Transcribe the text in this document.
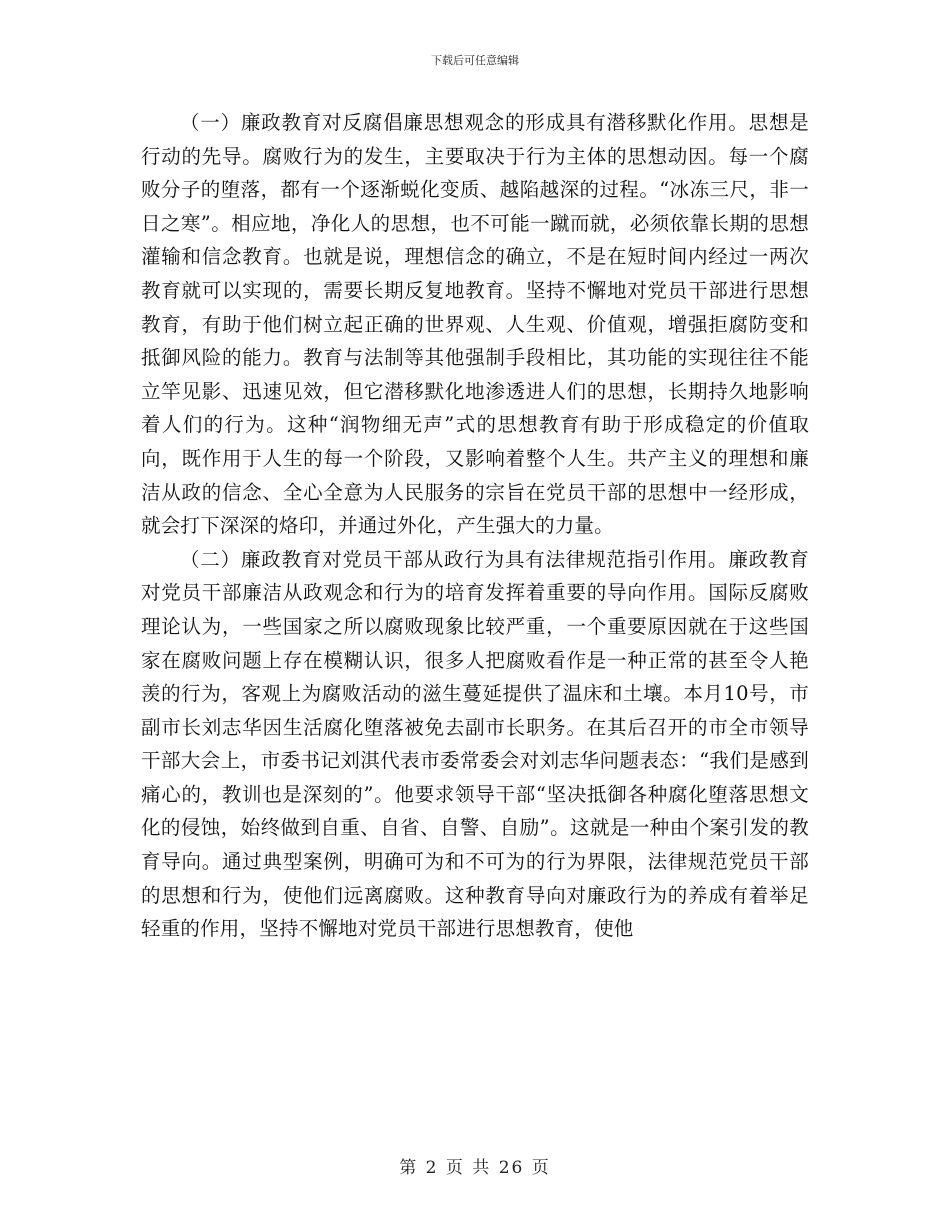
下载后可任意编辑

（一）廉政教育对反腐倡廉思想观念的形成具有潜移默化作用。思想是行动的先导。腐败行为的发生，主要取决于行为主体的思想动因。每一个腐败分子的堕落，都有一个逐渐蜕化变质、越陷越深的过程。“冰冻三尺，非一日之寒”。相应地，净化人的思想，也不可能一蹴而就，必须依靠长期的思想灌输和信念教育。也就是说，理想信念的确立，不是在短时间内经过一两次教育就可以实现的，需要长期反复地教育。坚持不懈地对党员干部进行思想教育，有助于他们树立起正确的世界观、人生观、价值观，增强拒腐防变和抵御风险的能力。教育与法制等其他强制手段相比，其功能的实现往往不能立竿见影、迅速见效，但它潜移默化地渗透进人们的思想，长期持久地影响着人们的行为。这种“润物细无声”式的思想教育有助于形成稳定的价值取向，既作用于人生的每一个阶段，又影响着整个人生。共产主义的理想和廉洁从政的信念、全心全意为人民服务的宗旨在党员干部的思想中一经形成，就会打下深深的烙印，并通过外化，产生强大的力量。

（二）廉政教育对党员干部从政行为具有法律规范指引作用。廉政教育对党员干部廉洁从政观念和行为的培育发挥着重要的导向作用。国际反腐败理论认为，一些国家之所以腐败现象比较严重，一个重要原因就在于这些国家在腐败问题上存在模糊认识，很多人把腐败看作是一种正常的甚至令人艳羡的行为，客观上为腐败活动的滋生蔓延提供了温床和土壤。本月10号，市副市长刘志华因生活腐化堕落被免去副市长职务。在其后召开的市全市领导干部大会上，市委书记刘淇代表市委常委会对刘志华问题表态：“我们是感到痛心的，教训也是深刻的”。他要求领导干部“坚决抵御各种腐化堕落思想文化的侵蚀，始终做到自重、自省、自警、自励”。这就是一种由个案引发的教育导向。通过典型案例，明确可为和不可为的行为界限，法律规范党员干部的思想和行为，使他们远离腐败。这种教育导向对廉政行为的养成有着举足轻重的作用，坚持不懈地对党员干部进行思想教育，使他

第 2 页 共 26 页
